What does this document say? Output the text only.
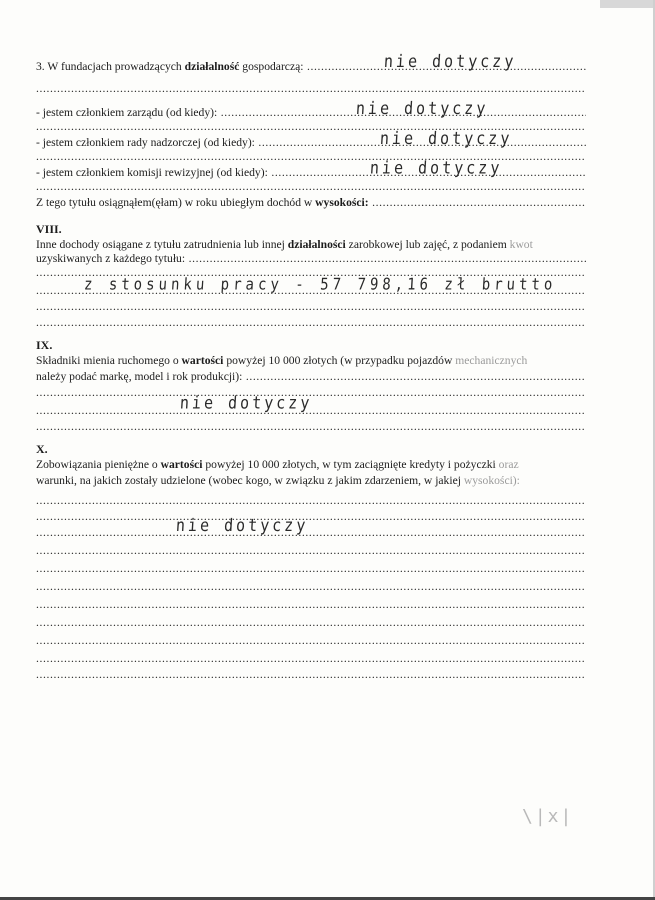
3. W fundacjach prowadzących działalność gospodarczą: .....	nie dotyczy
.....
- jestem członkiem zarządu (od kiedy): .....	nie dotyczy
.....
- jestem członkiem rady nadzorczej (od kiedy): .....	nie dotyczy
.....
- jestem członkiem komisji rewizyjnej (od kiedy): .....	nie dotyczy
.....
Z tego tytułu osiągnąłem(ęłam) w roku ubiegłym dochód w wysokości: .....
VIII.
Inne dochody osiągane z tytułu zatrudnienia lub innej działalności zarobkowej lub zajęć, z podaniem kwot
uzyskiwanych z każdego tytułu: .....
.....
.....
z stosunku pracy - 57 798,16 zł brutto
.....
.....
IX.
Składniki mienia ruchomego o wartości powyżej 10 000 złotych (w przypadku pojazdów mechanicznych
należy podać markę, model i rok produkcji): .....
.....
nie dotyczy
.....
.....
X.
Zobowiązania pieniężne o wartości powyżej 10 000 złotych, w tym zaciągnięte kredyty i pożyczki oraz
warunki, na jakich zostały udzielone (wobec kogo, w związku z jakim zdarzeniem, w jakiej wysokości):
.....
.....
nie dotyczy
.....
.....
.....
.....
.....
.....
.....
.....
.....
\|x|
